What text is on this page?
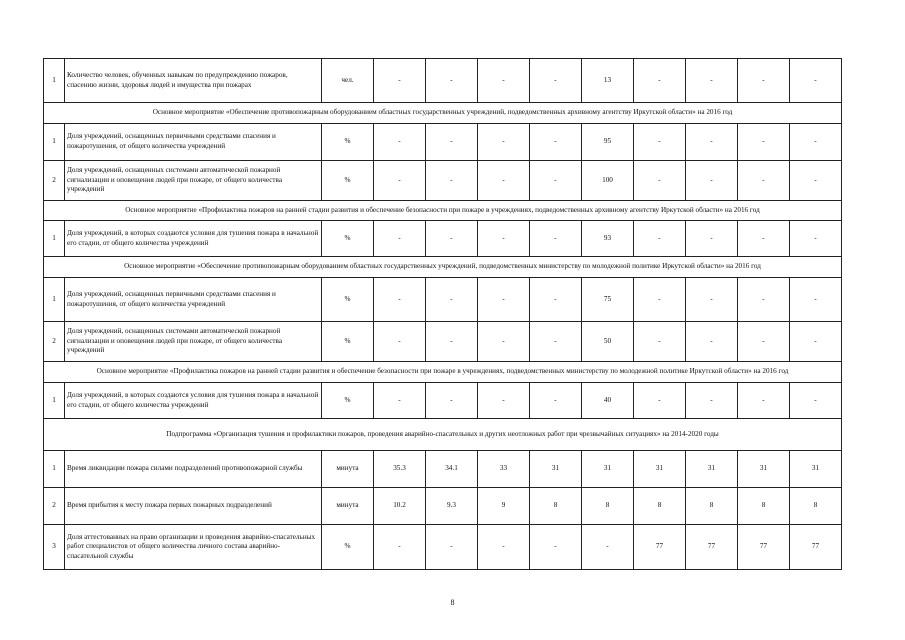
1	Количество человек, обученных навыкам по предупреждению пожаров, спасению жизни, здоровья людей и имущества при пожарах	чел.	-	-	-	-	13	-	-	-	-
Основное мероприятие «Обеспечение противопожарным оборудованием областных государственных учреждений, подведомственных архивному агентству Иркутской области» на 2016 год											
1	Доля учреждений, оснащенных первичными средствами спасения и пожаротушения, от общего количества учреждений	%	-	-	-	-	95	-	-	-	-
2	Доля учреждений, оснащенных системами автоматической пожарной сигнализации и оповещения людей при пожаре, от общего количества учреждений	%	-	-	-	-	100	-	-	-	-
Основное мероприятие «Профилактика пожаров на ранней стадии развития и обеспечение безопасности при пожаре в учреждениях, подведомственных архивному агентству Иркутской области» на 2016 год											
1	Доля учреждений, в которых создаются условия для тушения пожара в начальной его стадии, от общего количества учреждений	%	-	-	-	-	93	-	-	-	-
Основное мероприятие «Обеспечение противопожарным оборудованием областных государственных учреждений, подведомственных министерству по молодежной политике Иркутской области» на 2016 год											
1	Доля учреждений, оснащенных первичными средствами спасения и пожаротушения, от общего количества учреждений	%	-	-	-	-	75	-	-	-	-
2	Доля учреждений, оснащенных системами автоматической пожарной сигнализации и оповещения людей при пожаре, от общего количества учреждений	%	-	-	-	-	50	-	-	-	-
Основное мероприятие «Профилактика пожаров на ранней стадии развития и обеспечение безопасности при пожаре в учреждениях, подведомственных министерству по молодежной политике Иркутской области» на 2016 год											
1	Доля учреждений, в которых создаются условия для тушения пожара в начальной его стадии, от общего количества учреждений	%	-	-	-	-	40	-	-	-	-
Подпрограмма «Организация тушения и профилактики пожаров, проведения аварийно-спасательных и других неотложных работ при чрезвычайных ситуациях» на 2014-2020 годы											
1	Время ликвидации пожара силами подразделений противопожарной службы	минута	35.3	34.1	33	31	31	31	31	31	31
2	Время прибытия к месту пожара первых пожарных подразделений	минута	10.2	9.3	9	8	8	8	8	8	8
3	Доля аттестованных на право организации и проведения аварийно-спасательных работ специалистов от общего количества личного состава аварийно-спасательной службы	%	-	-	-	-	-	77	77	77	77
8
